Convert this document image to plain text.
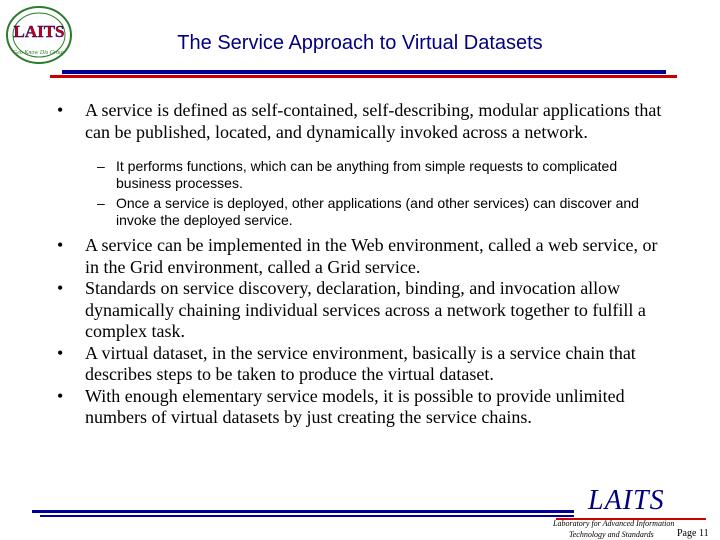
LAITS
Geo Know Dis Group	The Service Approach to Virtual Datasets
• A service is defined as self-contained, self-describing, modular applications that can be published, located, and dynamically invoked across a network.
– It performs functions, which can be anything from simple requests to complicated business processes.
– Once a service is deployed, other applications (and other services) can discover and invoke the deployed service.
• A service can be implemented in the Web environment, called a web service, or in the Grid environment, called a Grid service.
• Standards on service discovery, declaration, binding, and invocation allow dynamically chaining individual services across a network together to fulfill a complex task.
• A virtual dataset, in the service environment, basically is a service chain that describes steps to be taken to produce the virtual dataset.
• With enough elementary service models, it is possible to provide unlimited numbers of virtual datasets by just creating the service chains.
LAITS
Laboratory for Advanced Information
Technology and Standards	Page 11
